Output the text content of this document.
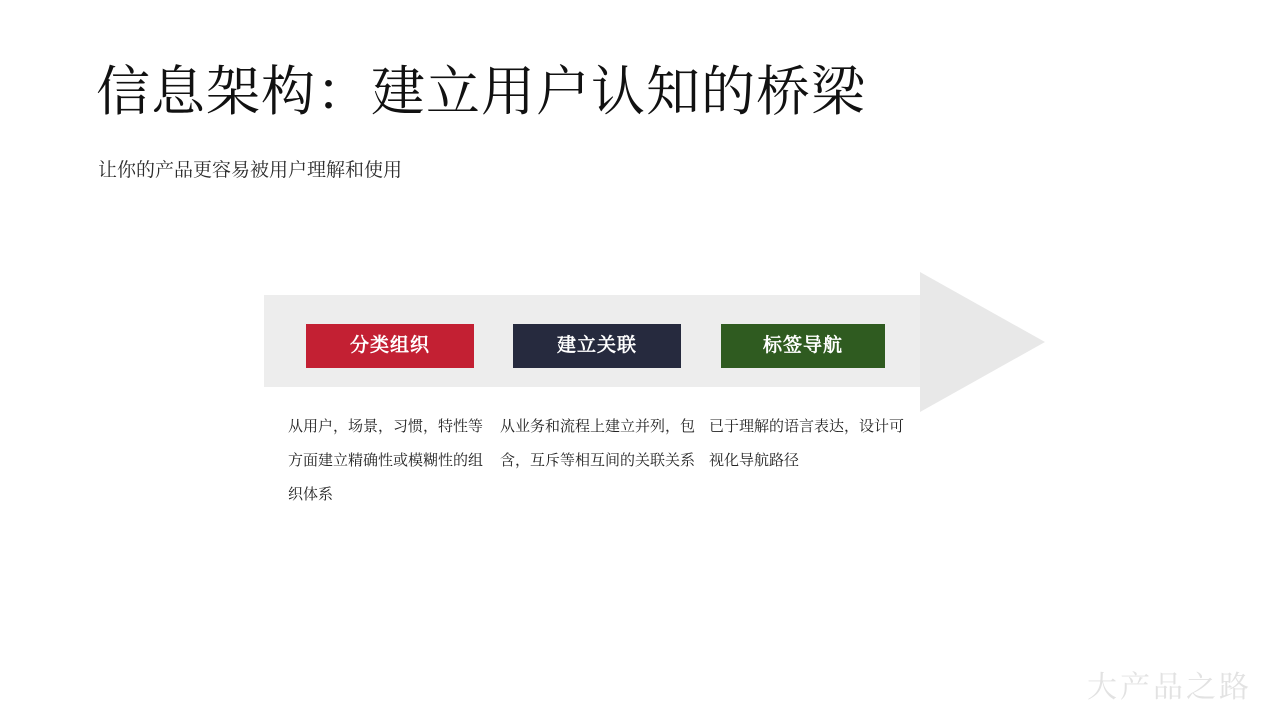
信息架构：建立用户认知的桥梁
让你的产品更容易被用户理解和使用
分类组织	建立关联	标签导航
从用户，场景，习惯，特性等方面建立精确性或模糊性的组织体系
从业务和流程上建立并列，包含，互斥等相互间的关联关系
已于理解的语言表达，设计可视化导航路径
大产品之路
